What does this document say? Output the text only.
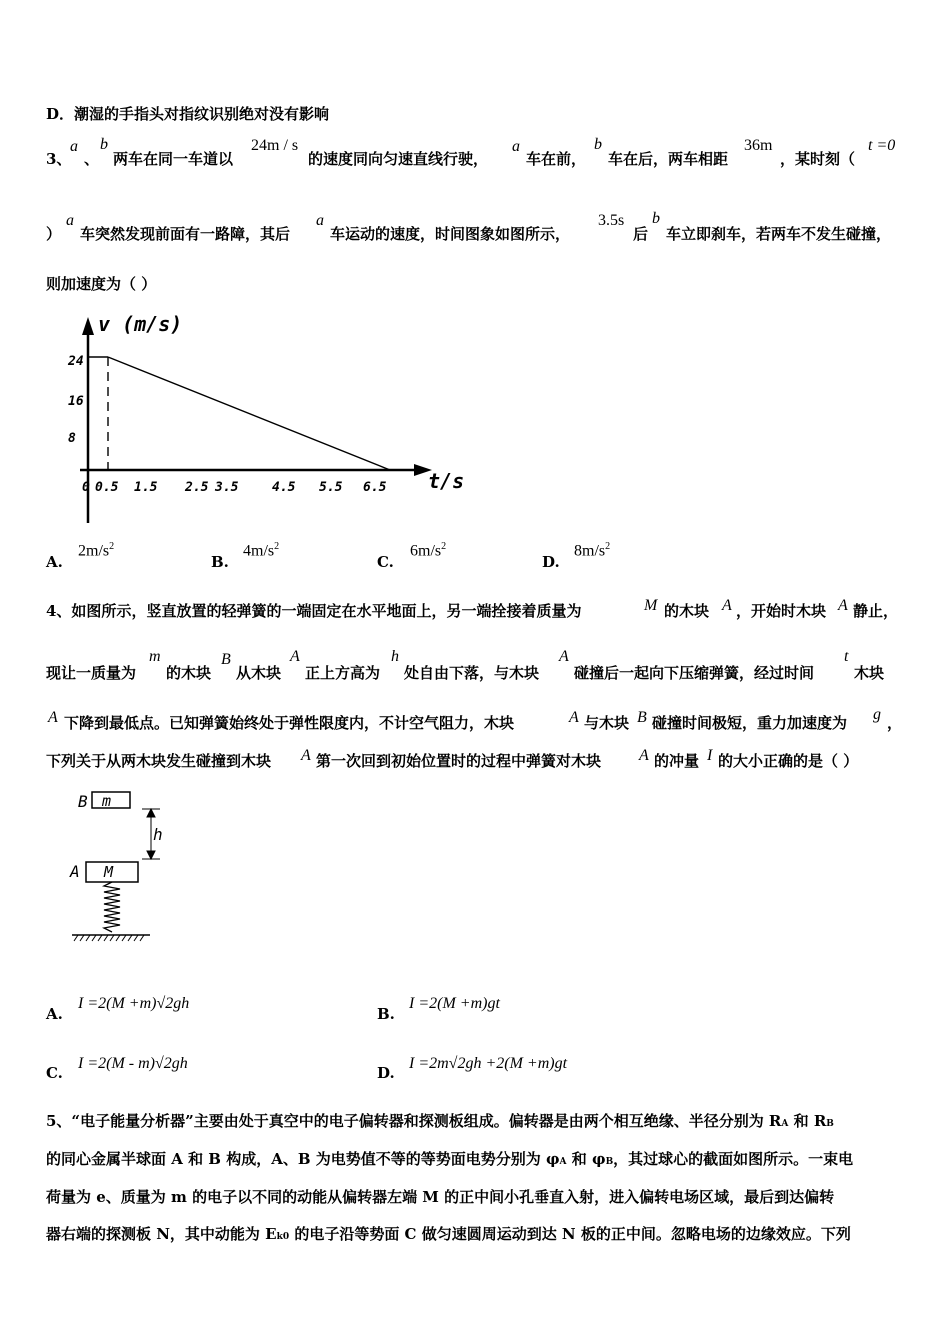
D．潮湿的手指头对指纹识别绝对没有影响
3、
a
、
b
两车在同一车道以
24m / s
的速度同向匀速直线行驶，
a
车在前，
b
车在后，两车相距
36m
，某时刻（
t =0
）
a
车突然发现前面有一路障，其后
a
车运动的速度，时间图象如图所示，
3.5s
后
b
车立即刹车，若两车不发生碰撞，
则加速度为（ ）
v (m/s)
t/s
24
16
8
0 0.5 1.5 2.5 3.5	4.5 5.5 6.5
A.
$2m/s^2$
B.
$4m/s^2$
C.
$6m/s^2$
D.
$8m/s^2$
4、如图所示，竖直放置的轻弹簧的一端固定在水平地面上，另一端拴接着质量为	M 的木块 A ，开始时木块 A 静止，
现让一质量为
m
的木块
B
从木块
A
正上方高为
h
处自由下落，与木块
A
碰撞后一起向下压缩弹簧，经过时间
t
木块
A 下降到最低点。已知弹簧始终处于弹性限度内，不计空气阻力，木块	A 与木块 B 碰撞时间极短，重力加速度为 g ，
下列关于从两木块发生碰撞到木块 A 第一次回到初始位置时的过程中弹簧对木块 A 的冲量 I 的大小正确的是（ ）
B
A
h
m
M
A.
I =2(M +m)√2gh
B.
I =2(M +m)gt
C.
I =2(M - m)√2gh
D.
I =2m√2gh +2(M +m)gt
5、“电子能量分析器”主要由处于真空中的电子偏转器和探测板组成。偏转器是由两个相互绝缘、半径分别为 RA 和 RB
的同心金属半球面 A 和 B 构成，A、B 为电势值不等的等势面电势分别为 φA 和 φB，其过球心的截面如图所示。一束电
荷量为 e、质量为 m 的电子以不同的动能从偏转器左端 M 的正中间小孔垂直入射，进入偏转电场区域，最后到达偏转
器右端的探测板 N，其中动能为 Ek0 的电子沿等势面 C 做匀速圆周运动到达 N 板的正中间。忽略电场的边缘效应。下列
